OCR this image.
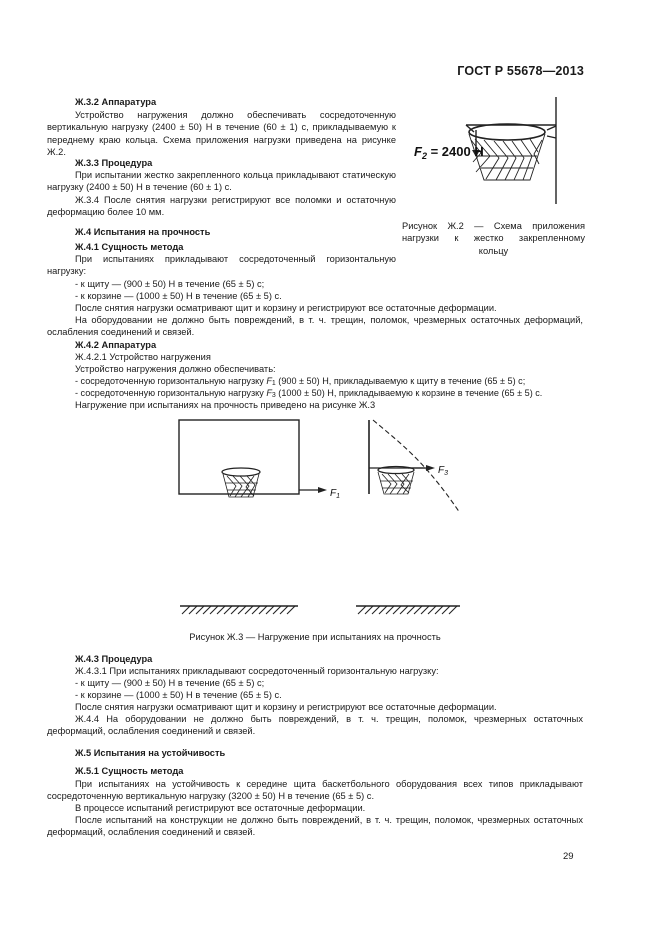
ГОСТ Р 55678—2013

Ж.3.2 Аппаратура

Устройство нагружения должно обеспечивать сосредоточенную вертикальную нагрузку (2400 ± 50) Н в течение (60 ± 1) с, прикладываемую к переднему краю кольца. Схема приложения нагрузки приведена на рисунке Ж.2.

Ж.3.3 Процедура

При испытании жестко закрепленного кольца прикладывают статическую нагрузку (2400 ± 50) Н в течение (60 ± 1) с.

Ж.3.4 После снятия нагрузки регистрируют все поломки и остаточную деформацию более 10 мм.

Ж.4 Испытания на прочность

Ж.4.1 Сущность метода

При испытаниях прикладывают сосредоточенный горизонтальную нагрузку:

- к щиту — (900 ± 50) Н в течение (65 ± 5) с;

- к корзине — (1000 ± 50) Н в течение (65 ± 5) с.

После снятия нагрузки осматривают щит и корзину и регистрируют все остаточные деформации.

На оборудовании не должно быть повреждений, в т. ч. трещин, поломок, чрезмерных остаточных деформаций, ослабления соединений и связей.

Ж.4.2 Аппаратура

Ж.4.2.1 Устройство нагружения

Устройство нагружения должно обеспечивать:

- сосредоточенную горизонтальную нагрузку $F_1$ (900 ± 50) Н, прикладываемую к щиту в течение (65 ± 5) с;

- сосредоточенную горизонтальную нагрузку $F_3$ (1000 ± 50) Н, прикладываемую к корзине в течение (65 ± 5) с.

Нагружение при испытаниях на прочность приведено на рисунке Ж.3

$F_2 = 2400$ Н
Рисунок Ж.2 — Схема приложения
нагрузки к жестко закрепленному
кольцу
$F_1$
$F_3$
Рисунок Ж.3 — Нагружение при испытаниях на прочность

Ж.4.3 Процедура

Ж.4.3.1 При испытаниях прикладывают сосредоточенный горизонтальную нагрузку:

- к щиту — (900 ± 50) Н в течение (65 ± 5) с;

- к корзине — (1000 ± 50) Н в течение (65 ± 5) с.

После снятия нагрузки осматривают щит и корзину и регистрируют все остаточные деформации.

Ж.4.4 На оборудовании не должно быть повреждений, в т. ч. трещин, поломок, чрезмерных остаточных деформаций, ослабления соединений и связей.

Ж.5 Испытания на устойчивость

Ж.5.1 Сущность метода

При испытаниях на устойчивость к середине щита баскетбольного оборудования всех типов прикладывают сосредоточенную вертикальную нагрузку (3200 ± 50) Н в течение (65 ± 5) с.

В процессе испытаний регистрируют все остаточные деформации.

После испытаний на конструкции не должно быть повреждений, в т. ч. трещин, поломок, чрезмерных остаточных деформаций, ослабления соединений и связей.

29
